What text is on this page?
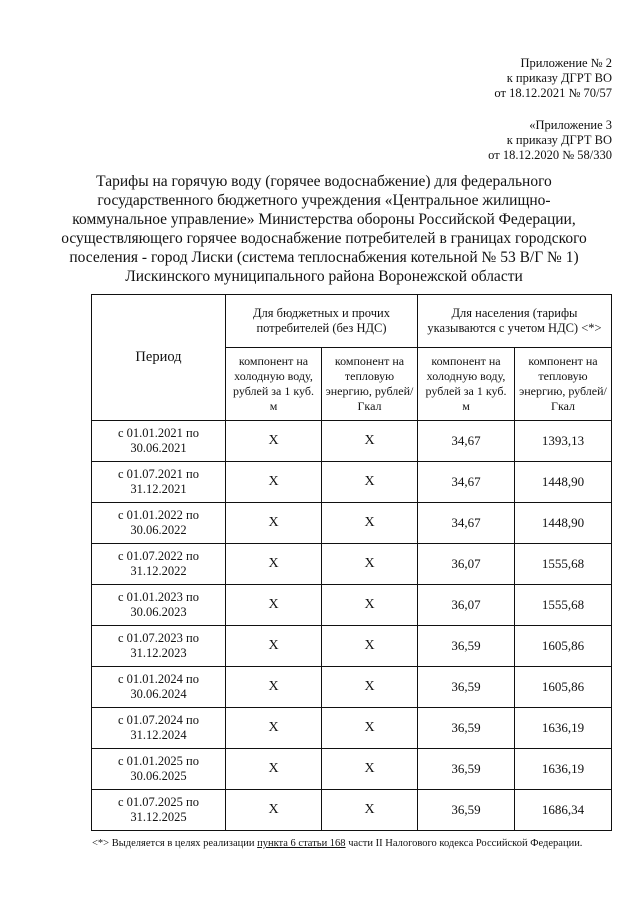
Приложение № 2
к приказу ДГРТ ВО
от 18.12.2021 № 70/57
«Приложение 3
к приказу ДГРТ ВО
от 18.12.2020 № 58/330
Тарифы на горячую воду (горячее водоснабжение) для федерального
государственного бюджетного учреждения «Центральное жилищно-
коммунальное управление» Министерства обороны Российской Федерации,
осуществляющего горячее водоснабжение потребителей в границах городского
поселения - город Лиски (система теплоснабжения котельной № 53 В/Г № 1)
Лискинского муниципального района Воронежской области
Период	Для бюджетных и прочих потребителей (без НДС)		Для населения (тарифы указываются с учетом НДС) <*>	
	компонент на холодную воду, рублей за 1 куб. м	компонент на тепловую энергию, рублей/Гкал	компонент на холодную воду, рублей за 1 куб. м	компонент на тепловую энергию, рублей/Гкал

с 01.01.2021 по
30.06.2021	Х	Х	34,67	1393,13

с 01.07.2021 по
31.12.2021	Х	Х	34,67	1448,90

с 01.01.2022 по
30.06.2022	Х	Х	34,67	1448,90

с 01.07.2022 по
31.12.2022	Х	Х	36,07	1555,68

с 01.01.2023 по
30.06.2023	Х	Х	36,07	1555,68

с 01.07.2023 по
31.12.2023	Х	Х	36,59	1605,86

с 01.01.2024 по
30.06.2024	Х	Х	36,59	1605,86

с 01.07.2024 по
31.12.2024	Х	Х	36,59	1636,19

с 01.01.2025 по
30.06.2025	Х	Х	36,59	1636,19

с 01.07.2025 по
31.12.2025	Х	Х	36,59	1686,34
<*> Выделяется в целях реализации пункта 6 статьи 168 части II Налогового кодекса Российской Федерации.
